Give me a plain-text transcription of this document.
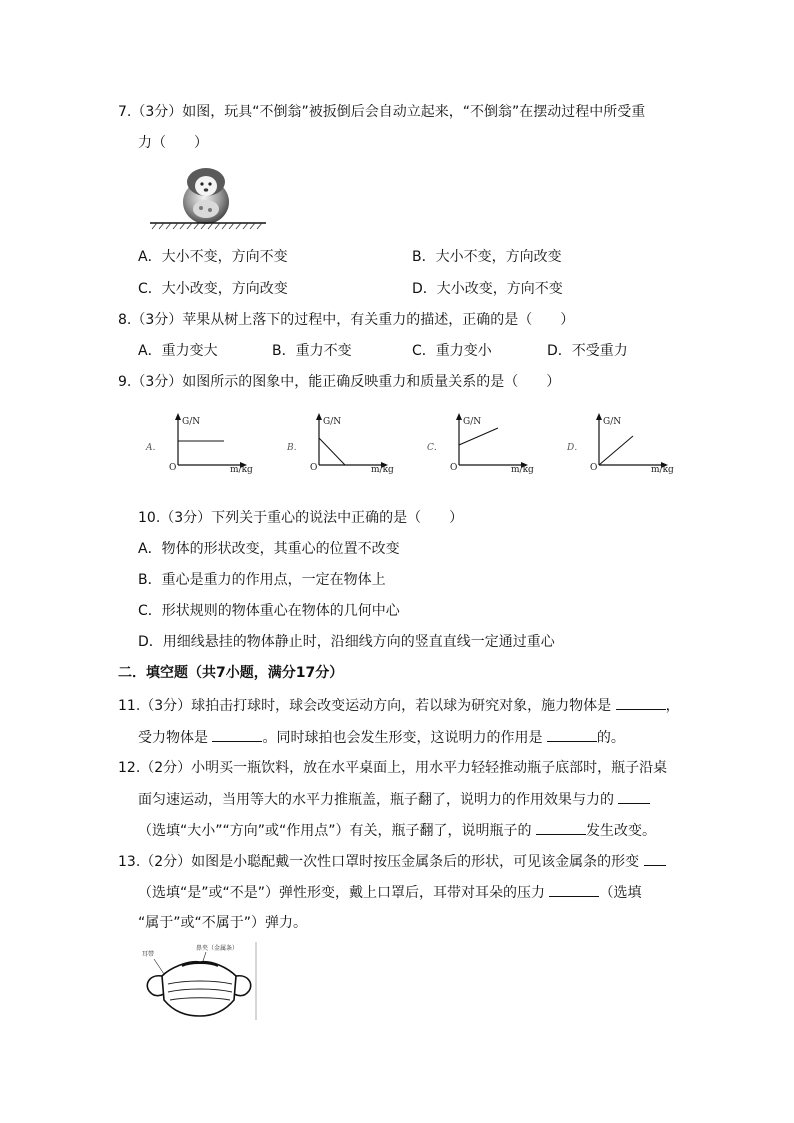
7.（3分）如图，玩具“不倒翁”被扳倒后会自动立起来，“不倒翁”在摆动过程中所受重
力（　　）
A．大小不变，方向不变	B．大小不变，方向改变
C．大小改变，方向改变	D．大小改变，方向不变
8.（3分）苹果从树上落下的过程中，有关重力的描述，正确的是（　　）
A．重力变大	B．重力不变	C．重力变小	D．不受重力
9.（3分）如图所示的图象中，能正确反映重力和质量关系的是（　　）
A．
G/N
m/kg
O
B．
G/N
m/kg
O
C．
G/N
m/kg
O
D．
G/N
m/kg
O
10.（3分）下列关于重心的说法中正确的是（　　）
A．物体的形状改变，其重心的位置不改变
B．重心是重力的作用点，一定在物体上
C．形状规则的物体重心在物体的几何中心
D．用细线悬挂的物体静止时，沿细线方向的竖直直线一定通过重心
二．填空题（共7小题，满分17分）
11.（3分）球拍击打球时，球会改变运动方向，若以球为研究对象，施力物体是	，
受力物体是	。同时球拍也会发生形变，这说明力的作用是	的。
12.（2分）小明买一瓶饮料，放在水平桌面上，用水平力轻轻推动瓶子底部时，瓶子沿桌
面匀速运动，当用等大的水平力推瓶盖，瓶子翻了，说明力的作用效果与力的
（选填“大小”“方向”或“作用点”）有关，瓶子翻了，说明瓶子的	发生改变。
13.（2分）如图是小聪配戴一次性口罩时按压金属条后的形状，可见该金属条的形变
（选填“是”或“不是”）弹性形变，戴上口罩后，耳带对耳朵的压力	（选填
“属于”或“不属于”）弹力。
耳带
鼻夹（金属条）
